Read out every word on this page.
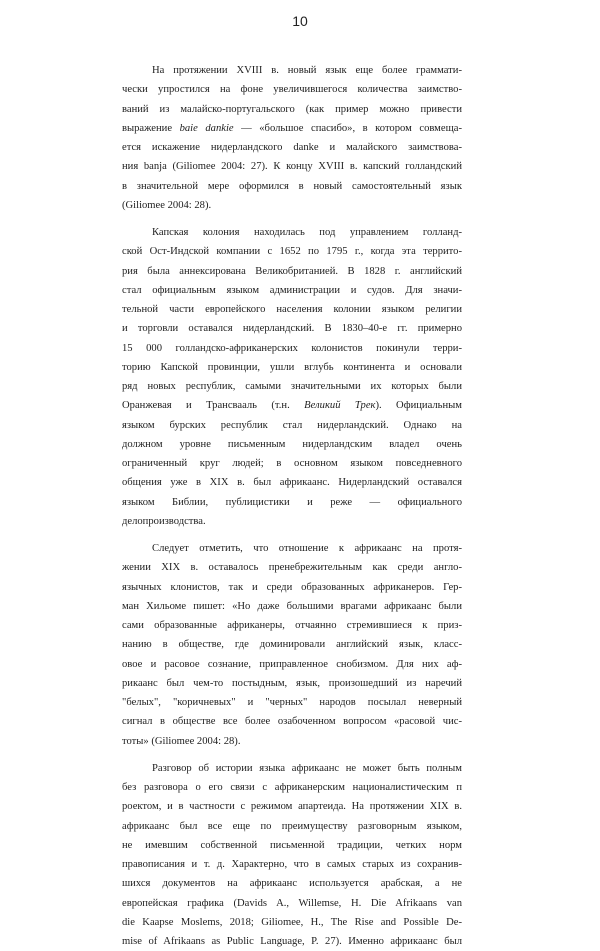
10
На протяжении XVIII в. новый язык еще более граммати-
чески упростился на фоне увеличившегося количества заимство-
ваний из малайско-португальского (как пример можно привести
выражение baie dankie — «большое спасибо», в котором совмеща-
ется искажение нидерландского danke и малайского заимствова-
ния banja (Giliomee 2004: 27). К концу XVIII в. капский голландский
в значительной мере оформился в новый самостоятельный язык
(Giliomee 2004: 28).
Капская колония находилась под управлением голланд-
ской Ост-Индской компании с 1652 по 1795 г., когда эта террито-
рия была аннексирована Великобританией. В 1828 г. английский
стал официальным языком администрации и судов. Для значи-
тельной части европейского населения колонии языком религии
и торговли оставался нидерландский. В 1830–40-е гг. примерно
15 000 голландско-африканерских колонистов покинули терри-
торию Капской провинции, ушли вглубь континента и основали
ряд новых республик, самыми значительными их которых были
Оранжевая и Трансвааль (т.н. Великий Трек). Официальным
языком бурских республик стал нидерландский. Однако на
должном уровне письменным нидерландским владел очень
ограниченный круг людей; в основном языком повседневного
общения уже в XIX в. был африкаанс. Нидерландский оставался
языком Библии, публицистики и реже — официального
делопроизводства.
Следует отметить, что отношение к африкаанс на протя-
жении XIX в. оставалось пренебрежительным как среди англо-
язычных клонистов, так и среди образованных африканеров. Гер-
ман Хильоме пишет: «Но даже большими врагами африкаанс были
сами образованные африканеры, отчаянно стремившиеся к приз-
нанию в обществе, где доминировали английский язык, класс-
овое и расовое сознание, приправленное снобизмом. Для них аф-
рикаанс был чем-то постыдным, язык, произошедший из наречий
"белых", "коричневых" и "черных" народов посылал неверный
сигнал в обществе все более озабоченном вопросом «расовой чис-
тоты» (Giliomee 2004: 28).
Разговор об истории языка африкаанс не может быть полным
без разговора о его связи с африканерским националистическим п
роектом, и в частности с режимом апартеида. На протяжении XIX в.
африкаанс был все еще по преимуществу разговорным языком,
не имевшим собственной письменной традиции, четких норм
правописания и т. д. Характерно, что в самых старых из сохранив-
шихся документов на африкаанс используется арабская, а не
европейская графика (Davids A., Willemse, H. Die Afrikaans van
die Kaapse Moslems, 2018; Giliomee, H., The Rise and Possible De-
mise of Afrikaans as Public Language, P. 27). Именно африкаанс был
